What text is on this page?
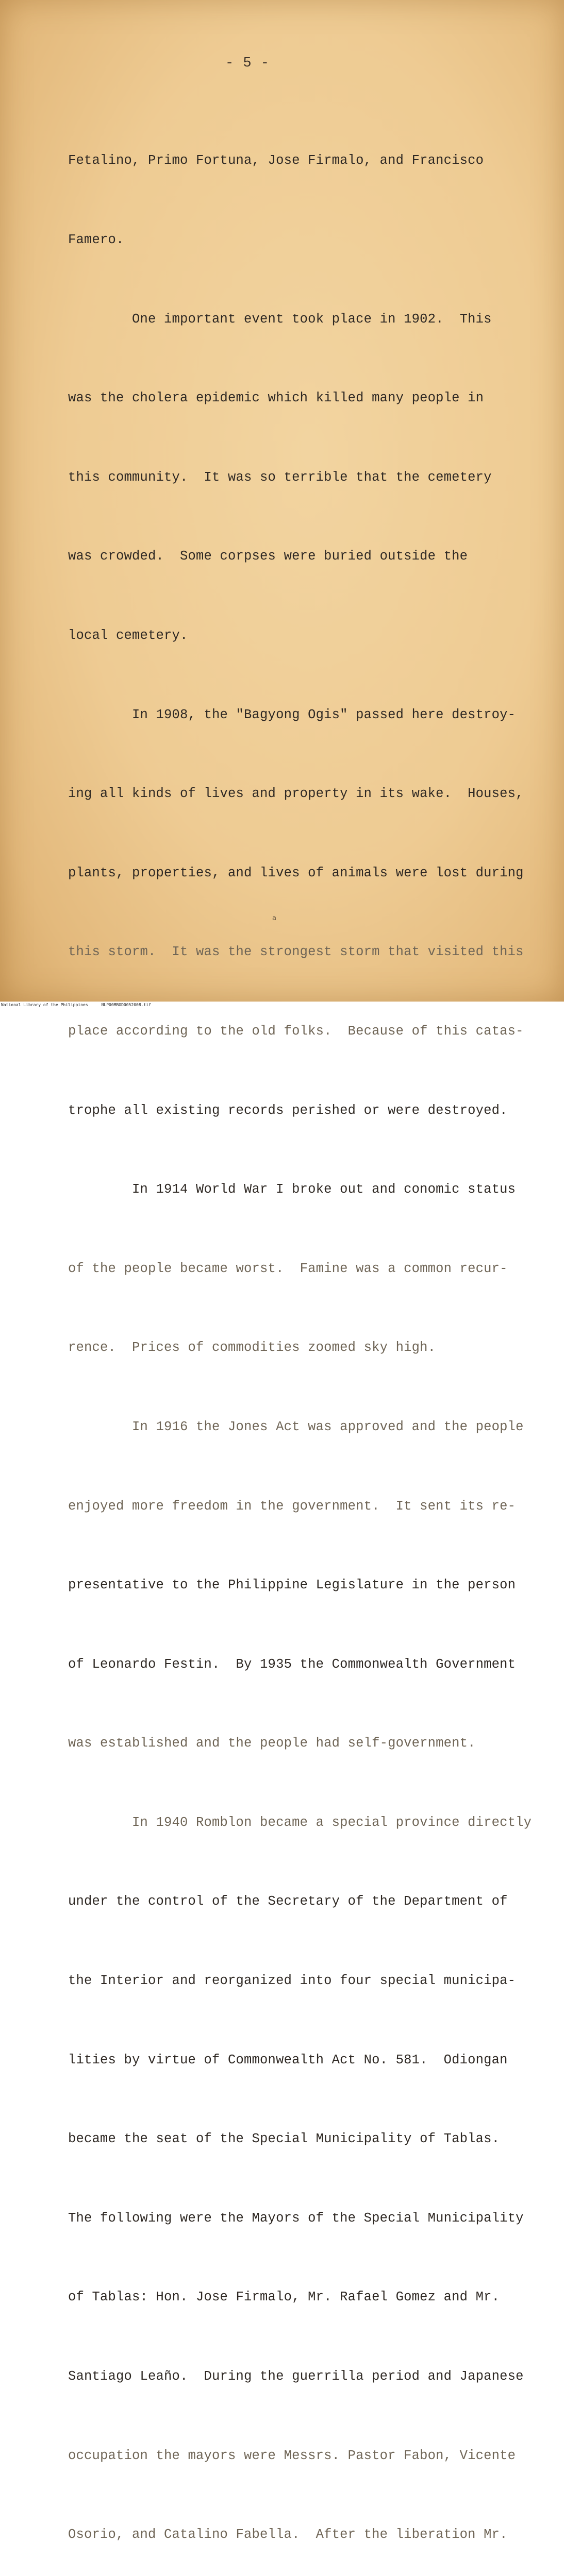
- 5 -

Fetalino, Primo Fortuna, Jose Firmalo, and Francisco

Famero.

One important event took place in 1902.  This

was the cholera epidemic which killed many people in

this community.  It was so terrible that the cemetery

was crowded.  Some corpses were buried outside the

local cemetery.

In 1908, the "Bagyong Ogis" passed here destroy-

ing all kinds of lives and property in its wake.  Houses,

plants, properties, and lives of animals were lost during

this storm.  It was the strongest storm that visited this

place according to the old folks.  Because of this catas-

trophe all existing records perished or were destroyed.

In 1914 World War I broke out and conomic status

of the people became worst.  Famine was a common recur-

rence.  Prices of commodities zoomed sky high.

In 1916 the Jones Act was approved and the people

enjoyed more freedom in the government.  It sent its re-

presentative to the Philippine Legislature in the person

of Leonardo Festin.  By 1935 the Commonwealth Government

was established and the people had self-government.

In 1940 Romblon became a special province directly

under the control of the Secretary of the Department of

the Interior and reorganized into four special municipa-

lities by virtue of Commonwealth Act No. 581.  Odiongan

became the seat of the Special Municipality of Tablas.

The following were the Mayors of the Special Municipality

of Tablas: Hon. Jose Firmalo, Mr. Rafael Gomez and Mr.

Santiago Leaño.  During the guerrilla period and Japanese

occupation the mayors were Messrs. Pastor Fabon, Vicente

Osorio, and Catalino Fabella.  After the liberation Mr.

a
National Library of the Philippines	NLP00MBOD0052008.tif
